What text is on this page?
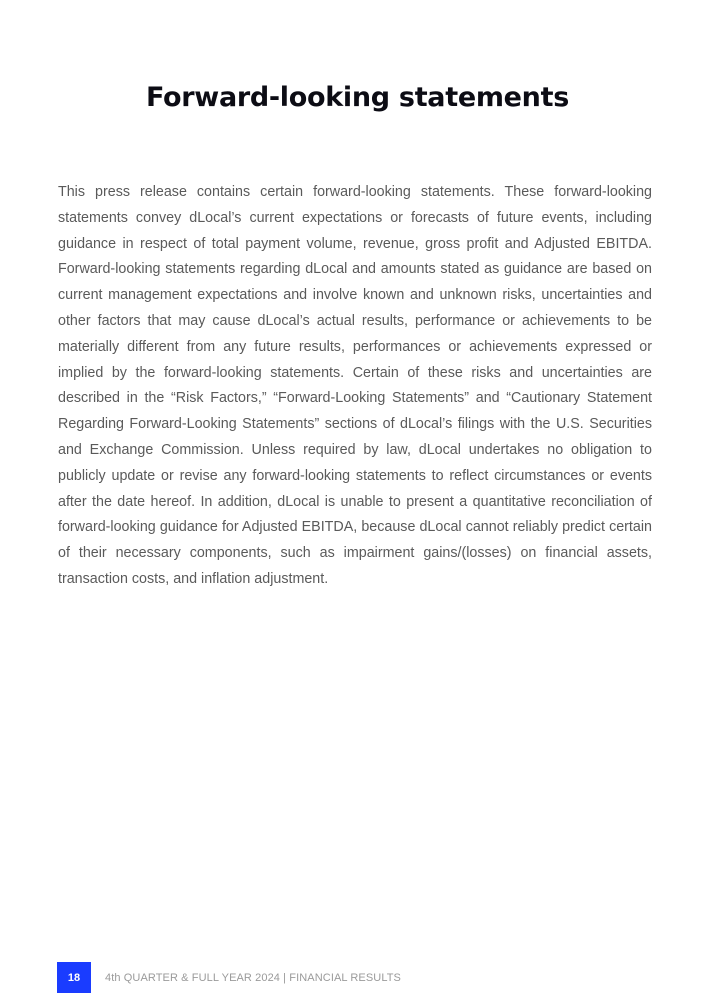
Forward-looking statements

This press release contains certain forward-looking statements. These forward-looking statements convey dLocal’s current expectations or forecasts of future events, including guidance in respect of total payment volume, revenue, gross profit and Adjusted EBITDA. Forward-looking statements regarding dLocal and amounts stated as guidance are based on current management expectations and involve known and unknown risks, uncertainties and other factors that may cause dLocal’s actual results, performance or achievements to be materially different from any future results, performances or achievements expressed or implied by the forward-looking statements. Certain of these risks and uncertainties are described in the “Risk Factors,” “Forward-Looking Statements” and “Cautionary Statement Regarding Forward-Looking Statements” sections of dLocal’s filings with the U.S. Securities and Exchange Commission. Unless required by law, dLocal undertakes no obligation to publicly update or revise any forward-looking statements to reflect circumstances or events after the date hereof. In addition, dLocal is unable to present a quantitative reconciliation of forward-looking guidance for Adjusted EBITDA, because dLocal cannot reliably predict certain of their necessary components, such as impairment gains/(losses) on financial assets, transaction costs, and inflation adjustment.

18	4th QUARTER & FULL YEAR 2024 | FINANCIAL RESULTS
